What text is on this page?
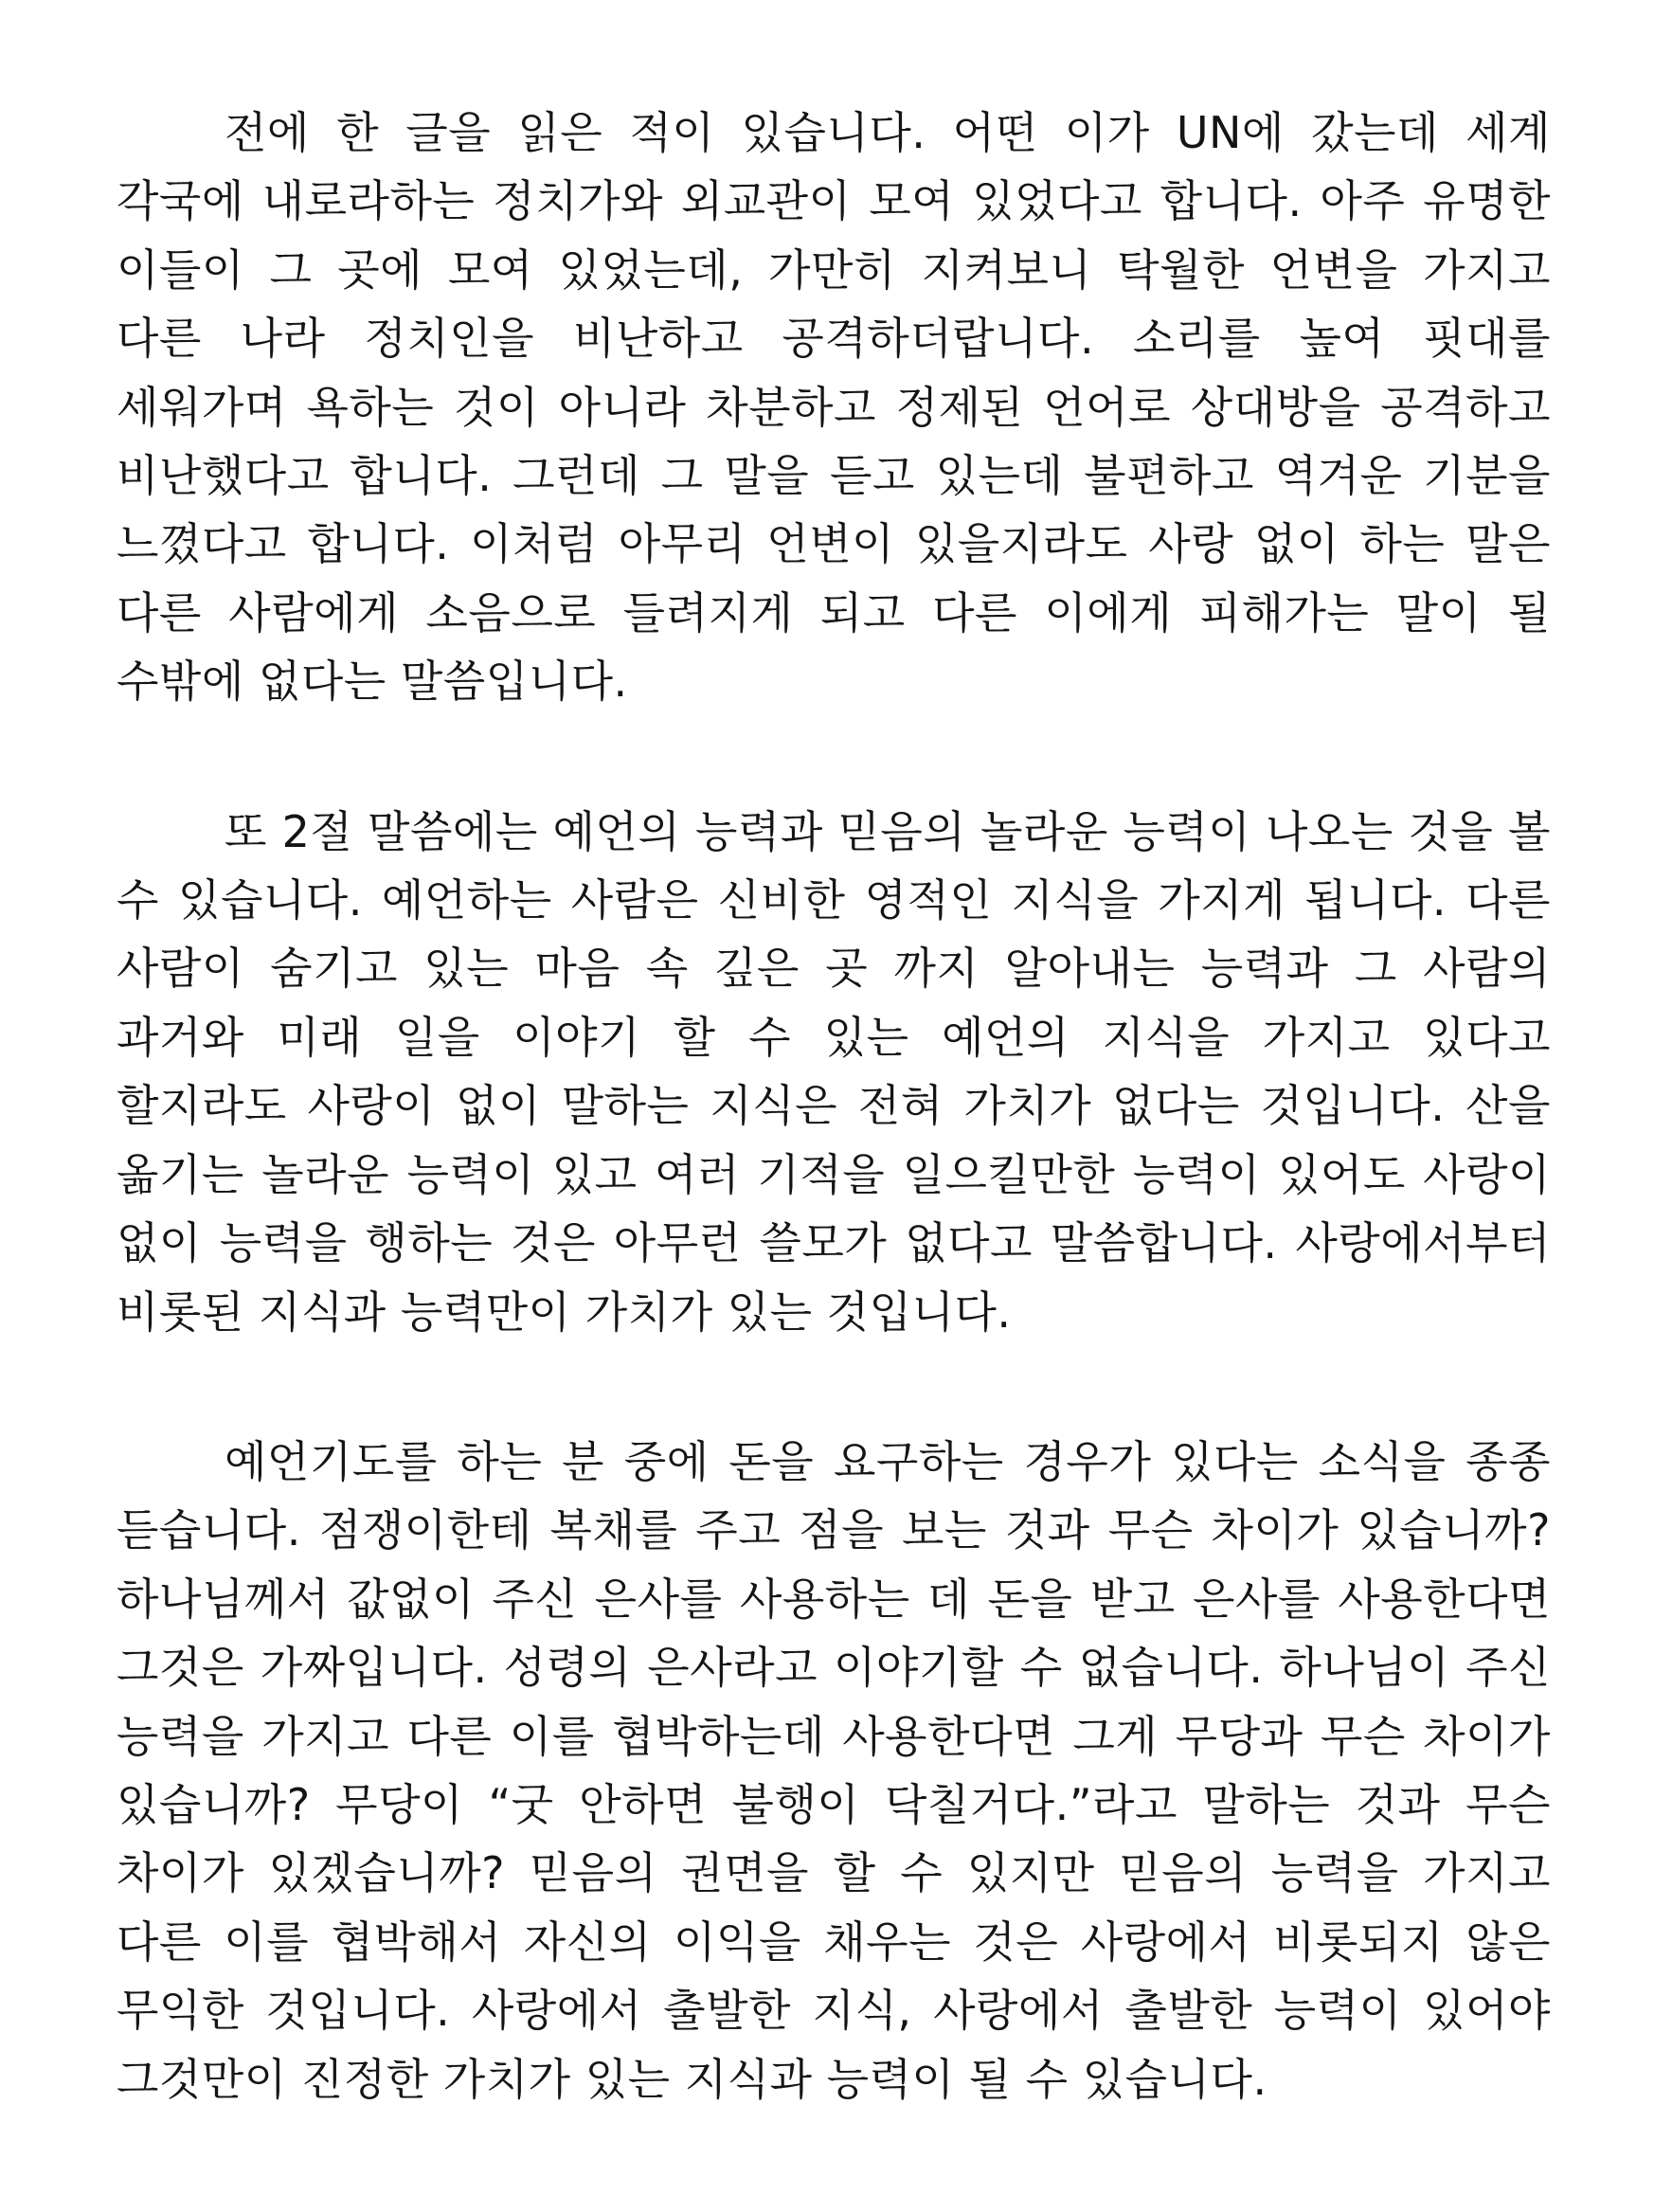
전에 한 글을 읽은 적이 있습니다. 어떤 이가 UN에 갔는데 세계 각국에 내로라하는 정치가와 외교관이 모여 있었다고 합니다. 아주 유명한 이들이 그 곳에 모여 있었는데, 가만히 지켜보니 탁월한 언변을 가지고 다른 나라 정치인을 비난하고 공격하더랍니다. 소리를 높여 핏대를 세워가며 욕하는 것이 아니라 차분하고 정제된 언어로 상대방을 공격하고 비난했다고 합니다. 그런데 그 말을 듣고 있는데 불편하고 역겨운 기분을 느꼈다고 합니다. 이처럼 아무리 언변이 있을지라도 사랑 없이 하는 말은 다른 사람에게 소음으로 들려지게 되고 다른 이에게 피해가는 말이 될 수밖에 없다는 말씀입니다.

또 2절 말씀에는 예언의 능력과 믿음의 놀라운 능력이 나오는 것을 볼 수 있습니다. 예언하는 사람은 신비한 영적인 지식을 가지게 됩니다. 다른 사람이 숨기고 있는 마음 속 깊은 곳 까지 알아내는 능력과 그 사람의 과거와 미래 일을 이야기 할 수 있는 예언의 지식을 가지고 있다고 할지라도 사랑이 없이 말하는 지식은 전혀 가치가 없다는 것입니다. 산을 옮기는 놀라운 능력이 있고 여러 기적을 일으킬만한 능력이 있어도 사랑이 없이 능력을 행하는 것은 아무런 쓸모가 없다고 말씀합니다. 사랑에서부터 비롯된 지식과 능력만이 가치가 있는 것입니다.

예언기도를 하는 분 중에 돈을 요구하는 경우가 있다는 소식을 종종 듣습니다. 점쟁이한테 복채를 주고 점을 보는 것과 무슨 차이가 있습니까? 하나님께서 값없이 주신 은사를 사용하는 데 돈을 받고 은사를 사용한다면 그것은 가짜입니다. 성령의 은사라고 이야기할 수 없습니다. 하나님이 주신 능력을 가지고 다른 이를 협박하는데 사용한다면 그게 무당과 무슨 차이가 있습니까? 무당이 “굿 안하면 불행이 닥칠거다.”라고 말하는 것과 무슨 차이가 있겠습니까? 믿음의 권면을 할 수 있지만 믿음의 능력을 가지고 다른 이를 협박해서 자신의 이익을 채우는 것은 사랑에서 비롯되지 않은 무익한 것입니다. 사랑에서 출발한 지식, 사랑에서 출발한 능력이 있어야 그것만이 진정한 가치가 있는 지식과 능력이 될 수 있습니다.
